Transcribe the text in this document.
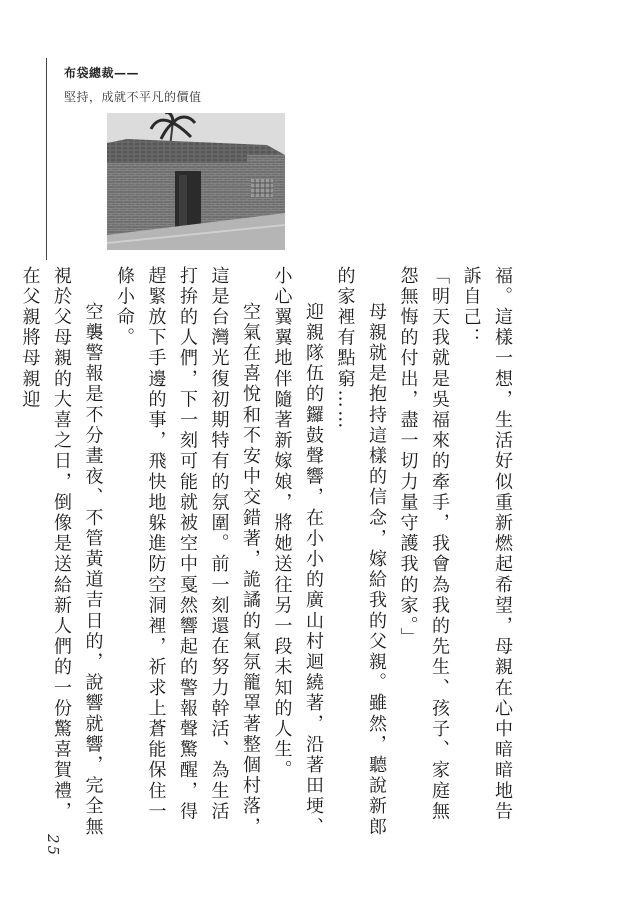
布袋總裁——
堅持，成就不平凡的價值

福。這樣一想，生活好似重新燃起希望，母親在心中暗暗地告訴自己：

「明天我就是吳福來的牽手，我會為我的先生、孩子、家庭無怨無悔的付出，盡一切力量守護我的家。」

母親就是抱持這樣的信念，嫁給我的父親。雖然，聽說新郎的家裡有點窮……

迎親隊伍的鑼鼓聲響，在小小的廣山村迴繞著，沿著田埂、小心翼翼地伴隨著新嫁娘，將她送往另一段未知的人生。

空氣在喜悅和不安中交錯著，詭譎的氣氛籠罩著整個村落，這是台灣光復初期特有的氛圍。前一刻還在努力幹活、為生活打拚的人們，下一刻可能就被空中戛然響起的警報聲驚醒，得趕緊放下手邊的事，飛快地躲進防空洞裡，祈求上蒼能保住一條小命。

空襲警報是不分晝夜、不管黃道吉日的，說響就響，完全無視於父母親的大喜之日，倒像是送給新人們的一份驚喜賀禮，在父親將母親迎

25
